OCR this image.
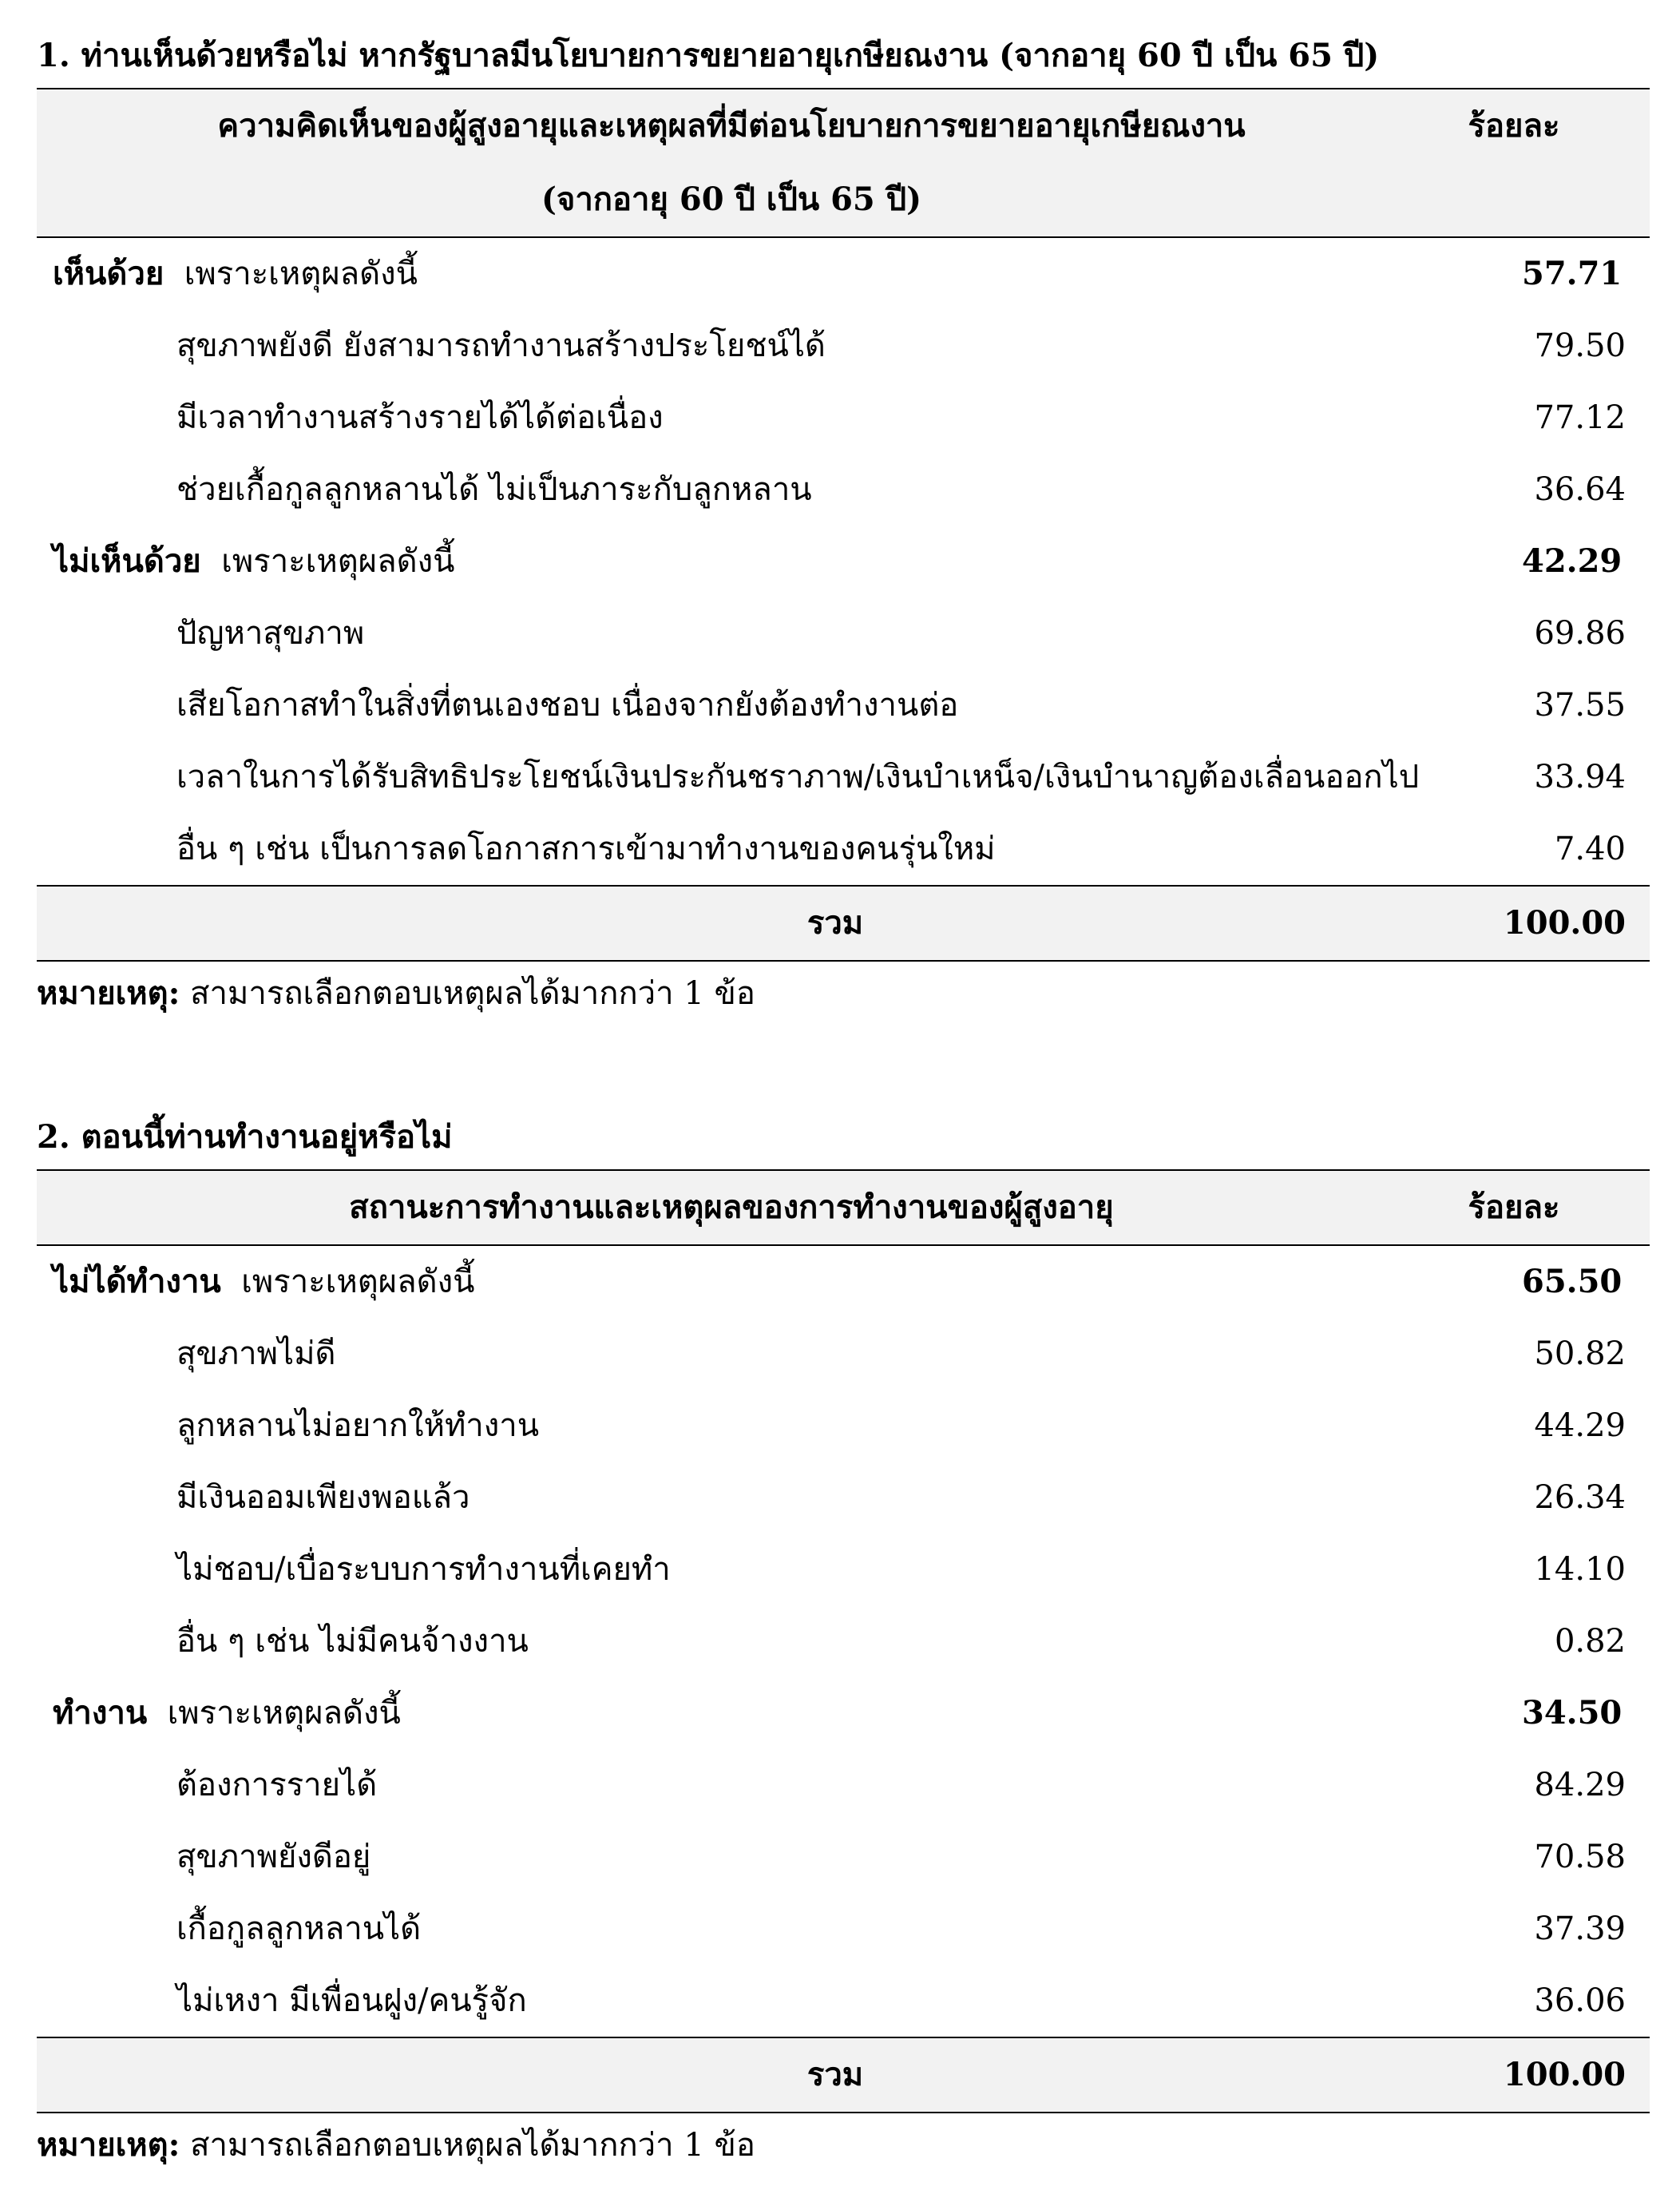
1. ท่านเห็นด้วยหรือไม่ หากรัฐบาลมีนโยบายการขยายอายุเกษียณงาน (จากอายุ 60 ปี เป็น 65 ปี)
ความคิดเห็นของผู้สูงอายุและเหตุผลที่มีต่อนโยบายการขยายอายุเกษียณงาน
(จากอายุ 60 ปี เป็น 65 ปี)	ร้อยละ
เห็นด้วย เพราะเหตุผลดังนี้	57.71
สุขภาพยังดี ยังสามารถทำงานสร้างประโยชน์ได้	79.50
มีเวลาทำงานสร้างรายได้ได้ต่อเนื่อง	77.12
ช่วยเกื้อกูลลูกหลานได้ ไม่เป็นภาระกับลูกหลาน	36.64
ไม่เห็นด้วย เพราะเหตุผลดังนี้	42.29
ปัญหาสุขภาพ	69.86
เสียโอกาสทำในสิ่งที่ตนเองชอบ เนื่องจากยังต้องทำงานต่อ	37.55
เวลาในการได้รับสิทธิประโยชน์เงินประกันชราภาพ/เงินบำเหน็จ/เงินบำนาญต้องเลื่อนออกไป	33.94
อื่น ๆ เช่น เป็นการลดโอกาสการเข้ามาทำงานของคนรุ่นใหม่	7.40
รวม	100.00
หมายเหตุ: สามารถเลือกตอบเหตุผลได้มากกว่า 1 ข้อ
2. ตอนนี้ท่านทำงานอยู่หรือไม่
สถานะการทำงานและเหตุผลของการทำงานของผู้สูงอายุ	ร้อยละ
ไม่ได้ทำงาน เพราะเหตุผลดังนี้	65.50
สุขภาพไม่ดี	50.82
ลูกหลานไม่อยากให้ทำงาน	44.29
มีเงินออมเพียงพอแล้ว	26.34
ไม่ชอบ/เบื่อระบบการทำงานที่เคยทำ	14.10
อื่น ๆ เช่น ไม่มีคนจ้างงาน	0.82
ทำงาน เพราะเหตุผลดังนี้	34.50
ต้องการรายได้	84.29
สุขภาพยังดีอยู่	70.58
เกื้อกูลลูกหลานได้	37.39
ไม่เหงา มีเพื่อนฝูง/คนรู้จัก	36.06
รวม	100.00
หมายเหตุ: สามารถเลือกตอบเหตุผลได้มากกว่า 1 ข้อ
